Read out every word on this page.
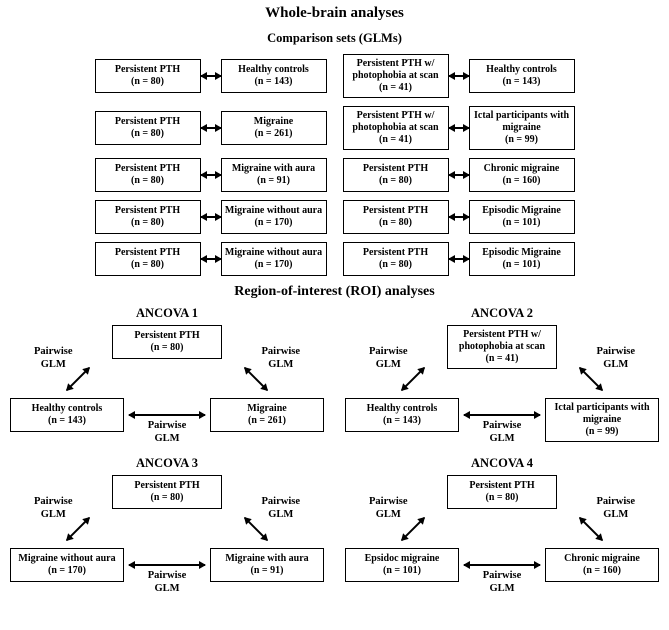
Whole-brain analyses
Comparison sets (GLMs)
Persistent PTH
(n = 80)
Healthy controls
(n = 143)
Persistent PTH w/ photophobia at scan
(n = 41)
Healthy controls
(n = 143)
Persistent PTH
(n = 80)
Migraine
(n = 261)
Persistent PTH w/ photophobia at scan
(n = 41)
Ictal participants with migraine
(n = 99)
Persistent PTH
(n = 80)
Migraine with aura
(n = 91)
Persistent PTH
(n = 80)
Chronic migraine
(n = 160)
Persistent PTH
(n = 80)
Migraine without aura
(n = 170)
Persistent PTH
(n = 80)
Episodic Migraine
(n = 101)
Persistent PTH
(n = 80)
Migraine without aura
(n = 170)
Persistent PTH
(n = 80)
Episodic Migraine
(n = 101)
Region-of-interest (ROI) analyses
ANCOVA 1
Persistent PTH
(n = 80)
Pairwise
GLM
Pairwise
GLM
Healthy controls
(n = 143)	Pairwise
GLM
Migraine
(n = 261)
ANCOVA 2
Persistent PTH w/ photophobia at scan
(n = 41)
Pairwise
GLM
Pairwise
GLM
Healthy controls
(n = 143)	Pairwise
GLM
Ictal participants with migraine
(n = 99)
ANCOVA 3
Persistent PTH
(n = 80)
Pairwise
GLM
Pairwise
GLM
Migraine without aura
(n = 170)	Pairwise
GLM
Migraine with aura
(n = 91)
ANCOVA 4
Persistent PTH
(n = 80)
Pairwise
GLM
Pairwise
GLM
Epsidoc migraine
(n = 101)	Pairwise
GLM
Chronic migraine
(n = 160)
